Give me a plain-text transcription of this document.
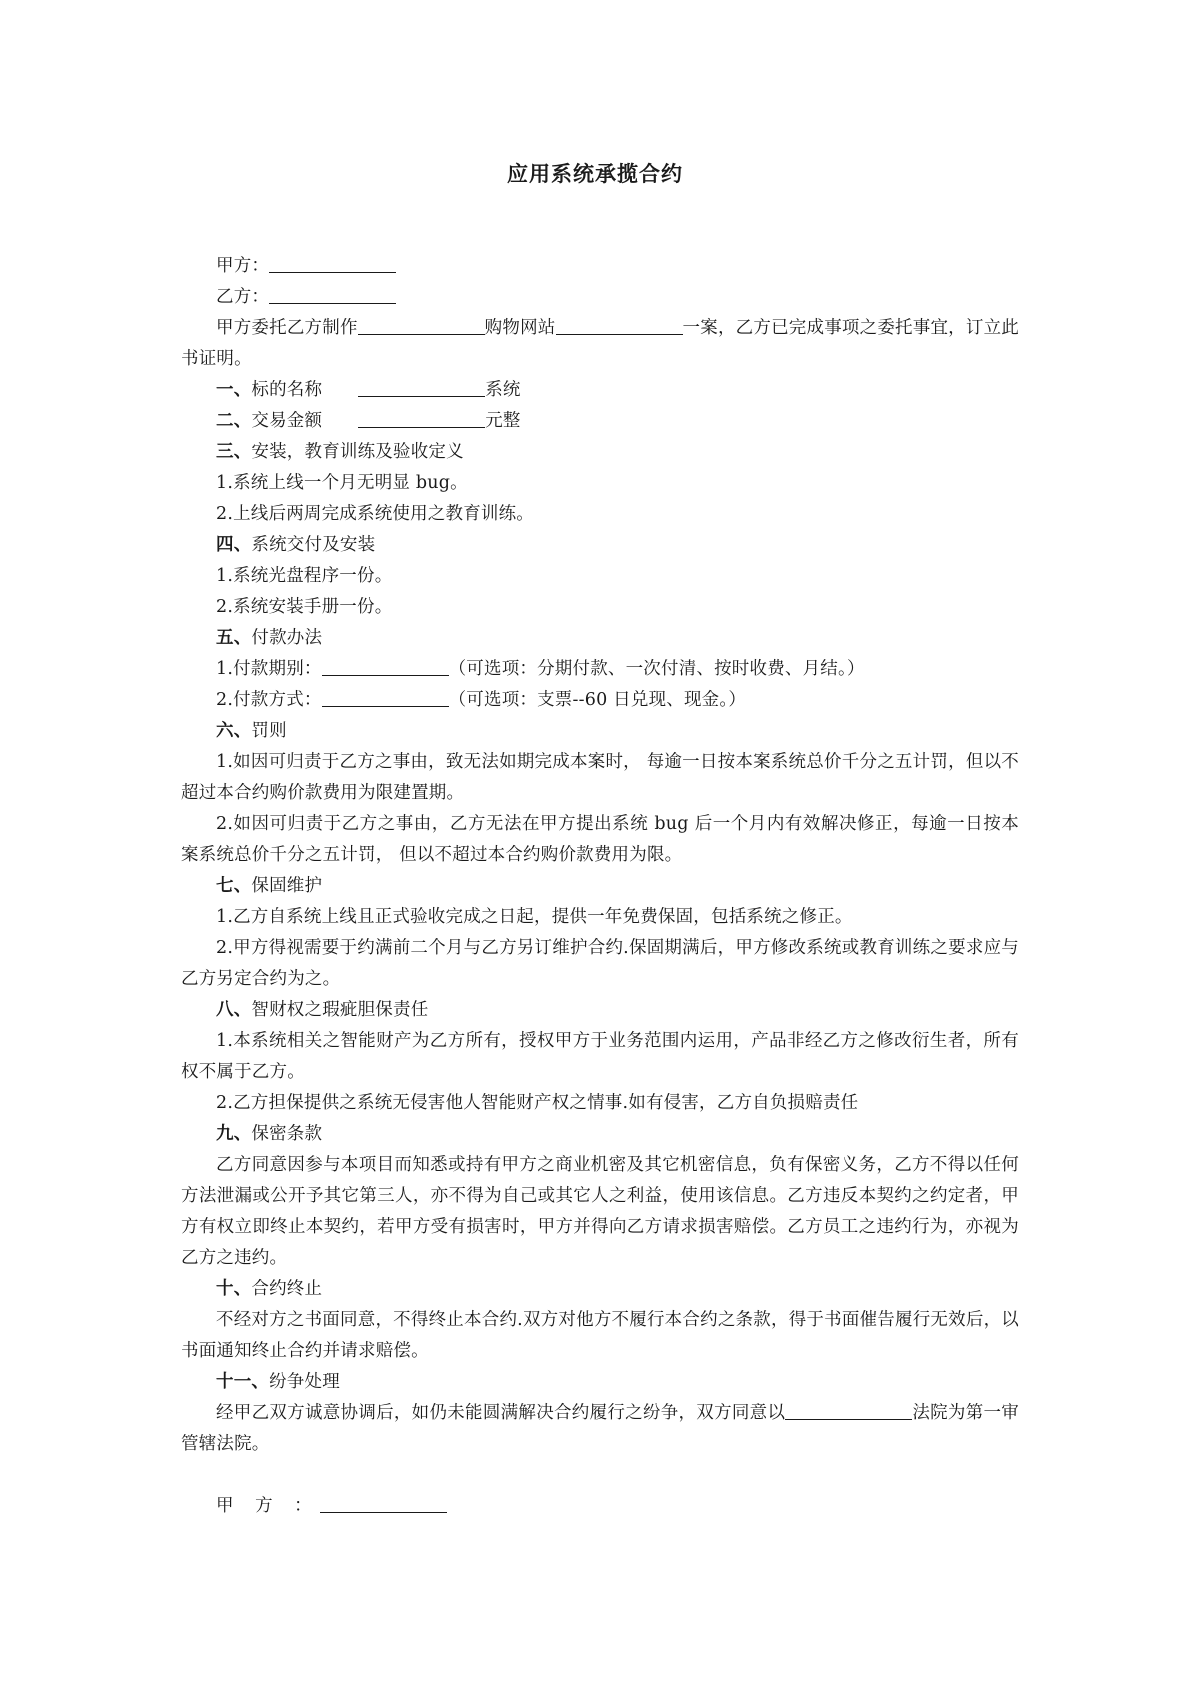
应用系统承揽合约

甲方：

乙方：

甲方委托乙方制作	购物网站	一案，乙方已完成事项之委托事宜，订立此书证明。

一、标的名称	系统

二、交易金额	元整

三、安装，教育训练及验收定义

1.系统上线一个月无明显 bug。

2.上线后两周完成系统使用之教育训练。

四、系统交付及安装

1.系统光盘程序一份。

2.系统安装手册一份。

五、付款办法

1.付款期别：	（可选项：分期付款、一次付清、按时收费、月结。）

2.付款方式：	（可选项：支票--60 日兑现、现金。）

六、罚则

1.如因可归责于乙方之事由，致无法如期完成本案时， 每逾一日按本案系统总价千分之五计罚，但以不超过本合约购价款费用为限建置期。

2.如因可归责于乙方之事由，乙方无法在甲方提出系统 bug 后一个月内有效解决修正，每逾一日按本案系统总价千分之五计罚， 但以不超过本合约购价款费用为限。

七、保固维护

1.乙方自系统上线且正式验收完成之日起，提供一年免费保固，包括系统之修正。

2.甲方得视需要于约满前二个月与乙方另订维护合约.保固期满后，甲方修改系统或教育训练之要求应与乙方另定合约为之。

八、智财权之瑕疵胆保责任

1.本系统相关之智能财产为乙方所有，授权甲方于业务范围内运用，产品非经乙方之修改衍生者，所有权不属于乙方。

2.乙方担保提供之系统无侵害他人智能财产权之情事.如有侵害，乙方自负损赔责任

九、保密条款

乙方同意因参与本项目而知悉或持有甲方之商业机密及其它机密信息，负有保密义务，乙方不得以任何方法泄漏或公开予其它第三人，亦不得为自己或其它人之利益，使用该信息。乙方违反本契约之约定者，甲方有权立即终止本契约，若甲方受有损害时，甲方并得向乙方请求损害赔偿。乙方员工之违约行为，亦视为乙方之违约。

十、合约终止

不经对方之书面同意，不得终止本合约.双方对他方不履行本合约之条款，得于书面催告履行无效后，以书面通知终止合约并请求赔偿。

十一、纷争处理

经甲乙双方诚意协调后，如仍未能圆满解决合约履行之纷争，双方同意以	法院为第一审管辖法院。

甲 方 ：
